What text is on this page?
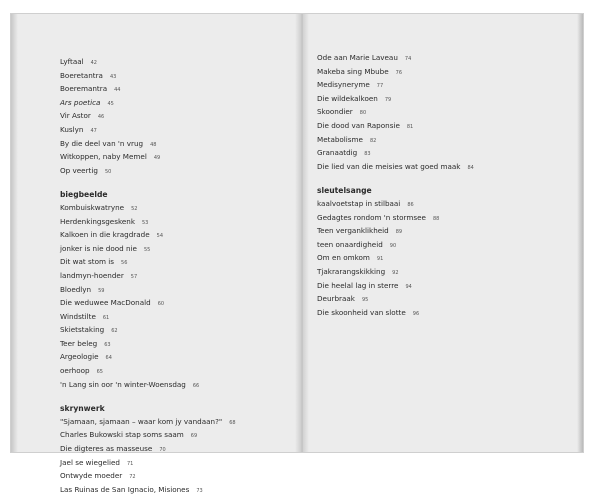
Lyftaal 42
Boeretantra 43
Boeremantra 44
Ars poetica 45
Vir Astor 46
Kuslyn 47
By die deel van 'n vrug 48
Witkoppen, naby Memel 49
Op veertig 50
biegbeelde
Kombuiskwatryne 52
Herdenkingsgeskenk 53
Kalkoen in die kragdrade 54
jonker is nie dood nie 55
Dit wat stom is 56
landmyn-hoender 57
Bloedlyn 59
Die weduwee MacDonald 60
Windstilte 61
Skietstaking 62
Teer beleg 63
Argeologie 64
oerhoop 65
'n Lang sin oor 'n winter-Woensdag 66
skrynwerk
"Sjamaan, sjamaan – waar kom jy vandaan?" 68
Charles Bukowski stap soms saam 69
Die digteres as masseuse 70
Jael se wiegelied 71
Ontwyde moeder 72
Las Ruinas de San Ignacio, Misiones 73
Ode aan Marie Laveau 74
Makeba sing Mbube 76
Medisyneryme 77
Die wildekalkoen 79
Skoondier 80
Die dood van Raponsie 81
Metabolisme 82
Granaatdig 83
Die lied van die meisies wat goed maak 84
sleutelsange
kaalvoetstap in stilbaai 86
Gedagtes rondom 'n stormsee 88
Teen verganklikheid 89
teen onaardigheid 90
Om en omkom 91
Tjakrarangskikking 92
Die heelal lag in sterre 94
Deurbraak 95
Die skoonheid van slotte 96
